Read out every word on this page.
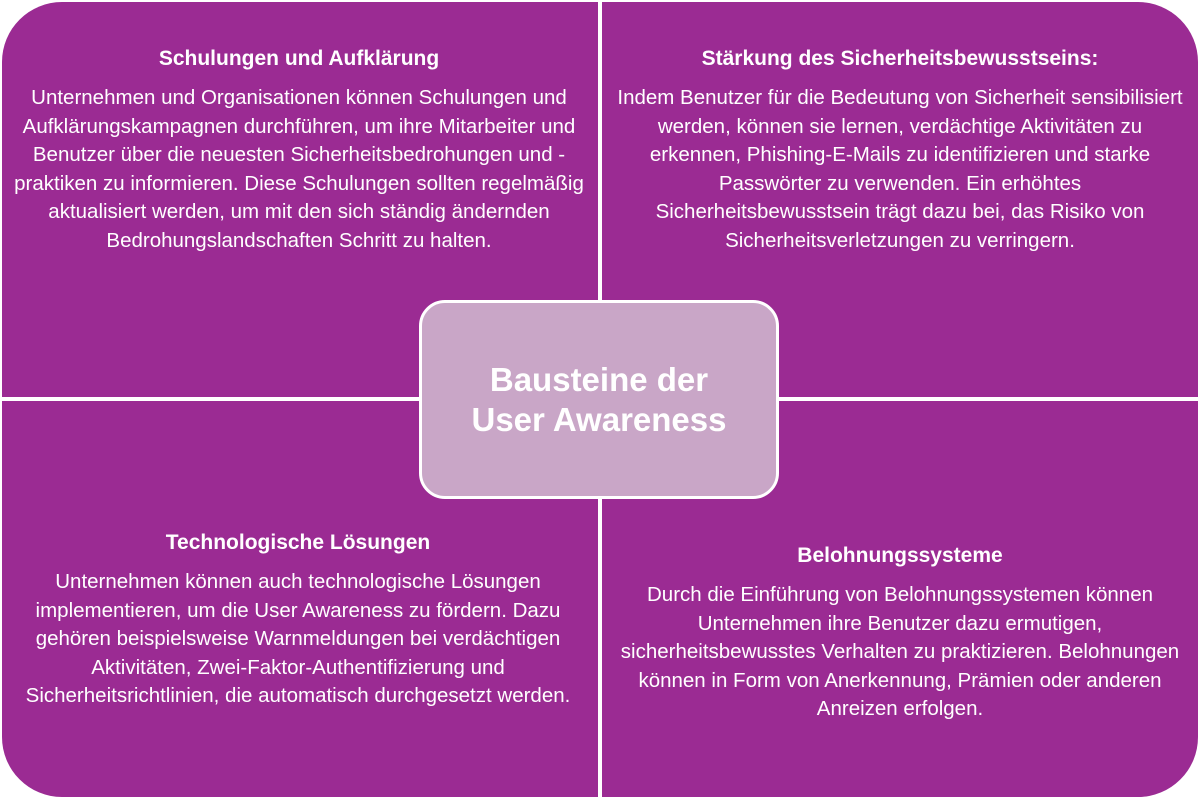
Schulungen und Aufklärung

Unternehmen und Organisationen können Schulungen und Aufklärungskampagnen durchführen, um ihre Mitarbeiter und Benutzer über die neuesten Sicherheitsbedrohungen und -praktiken zu informieren. Diese Schulungen sollten regelmäßig aktualisiert werden, um mit den sich ständig ändernden Bedrohungslandschaften Schritt zu halten.

Stärkung des Sicherheitsbewusstseins:

Indem Benutzer für die Bedeutung von Sicherheit sensibilisiert werden, können sie lernen, verdächtige Aktivitäten zu erkennen, Phishing-E-Mails zu identifizieren und starke Passwörter zu verwenden. Ein erhöhtes Sicherheitsbewusstsein trägt dazu bei, das Risiko von Sicherheitsverletzungen zu verringern.

Technologische Lösungen

Unternehmen können auch technologische Lösungen implementieren, um die User Awareness zu fördern. Dazu gehören beispielsweise Warnmeldungen bei verdächtigen Aktivitäten, Zwei-Faktor-Authentifizierung und Sicherheitsrichtlinien, die automatisch durchgesetzt werden.

Belohnungssysteme

Durch die Einführung von Belohnungssystemen können Unternehmen ihre Benutzer dazu ermutigen, sicherheitsbewusstes Verhalten zu praktizieren. Belohnungen können in Form von Anerkennung, Prämien oder anderen Anreizen erfolgen.

Bausteine der User Awareness
